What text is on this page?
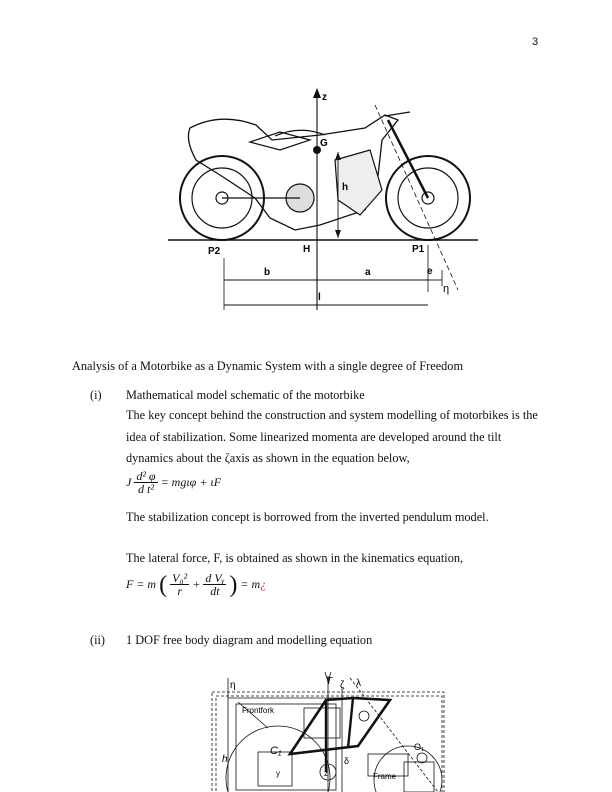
3
z
G
h
P2	H	P1
b	a	e
η
l
Analysis of a Motorbike as a Dynamic System with a single degree of Freedom
(i) Mathematical model schematic of the motorbike
The key concept behind the construction and system modelling of motorbikes is the
idea of stabilization. Some linearized momenta are developed around the tilt
dynamics about the ζaxis as shown in the equation below,
J $\frac{\text{d² φ}}{\text{d t²}} = mg\iota\varphi + \iota F$
The stabilization concept is borrowed from the inverted pendulum model.
The lateral force, F, is obtained as shown in the kinematics equation,
F = m ( $\frac{\text{V₀²}}{r} + \frac{\text{d Vᵧ}}{dt}$ ) = m¿
(ii) 1 DOF free body diagram and modelling equation
η	T ζ λ
Frontfork
C₁
h	δ
Frame
O₁
z
y
